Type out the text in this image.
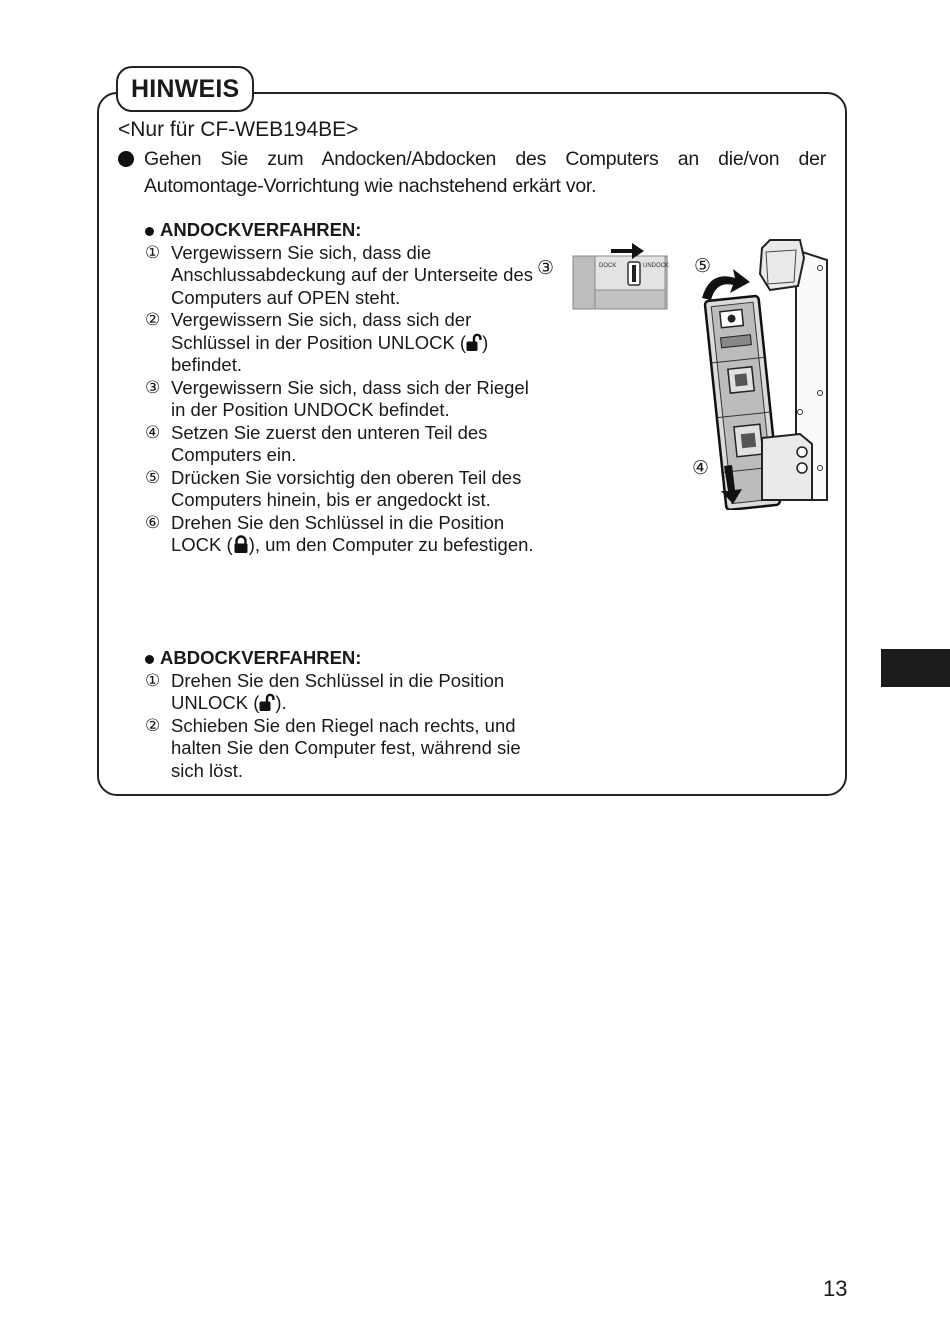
HINWEIS
<Nur für CF-WEB194BE>
Gehen Sie zum Andocken/Abdocken des Computers an die/von der Automontage-Vorrichtung wie nachstehend erkärt vor.
ANDOCKVERFAHREN:
① Vergewissern Sie sich, dass die Anschlussabdeckung auf der Unterseite des Computers auf OPEN steht.
② Vergewissern Sie sich, dass sich der Schlüssel in der Position UNLOCK ( ) befindet.
③ Vergewissern Sie sich, dass sich der Riegel in der Position UNDOCK befindet.
④ Setzen Sie zuerst den unteren Teil des Computers ein.
⑤ Drücken Sie vorsichtig den oberen Teil des Computers hinein, bis er angedockt ist.
⑥ Drehen Sie den Schlüssel in die Position LOCK ( ), um den Computer zu befestigen.
ABDOCKVERFAHREN:
① Drehen Sie den Schlüssel in die Position UNLOCK ( ).
② Schieben Sie den Riegel nach rechts, und halten Sie den Computer fest, während sie sich löst.
③	DOCK	UNDOCK ⑤
④
13
